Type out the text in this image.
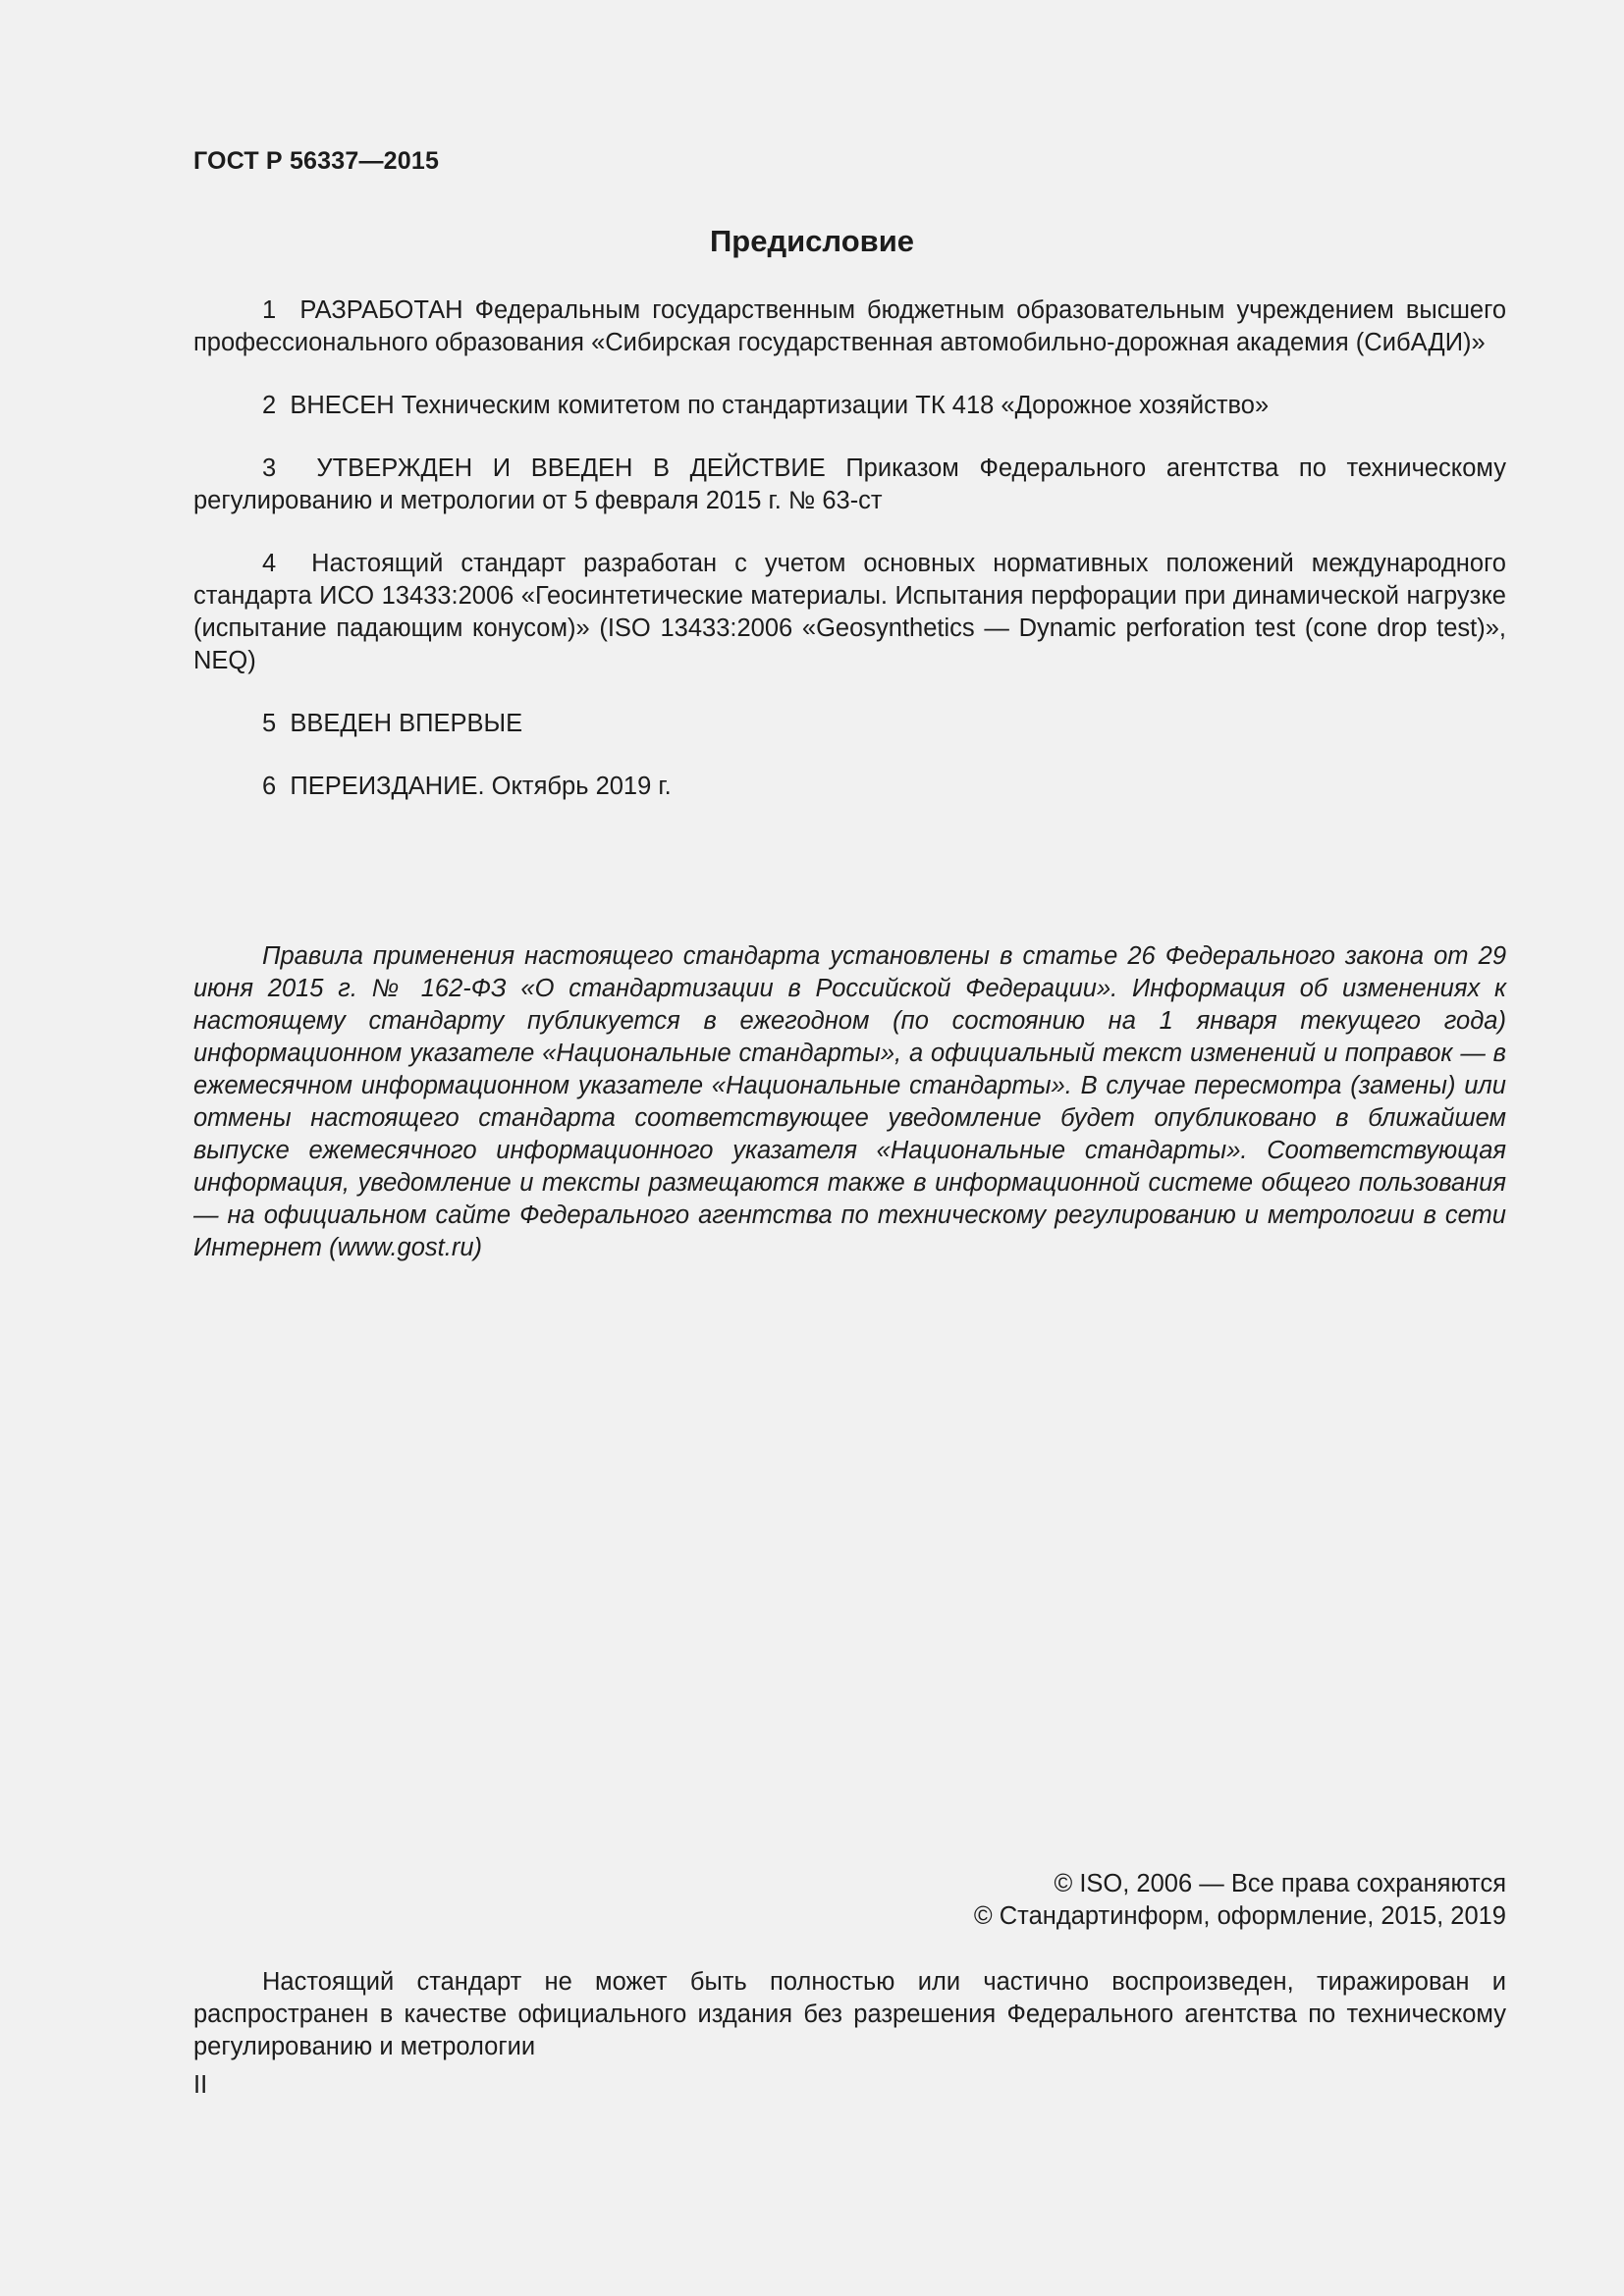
ГОСТ Р 56337—2015
Предисловие

1 РАЗРАБОТАН Федеральным государственным бюджетным образовательным учреждением высшего профессионального образования «Сибирская государственная автомобильно-дорожная академия (СибАДИ)»

2 ВНЕСЕН Техническим комитетом по стандартизации ТК 418 «Дорожное хозяйство»

3 УТВЕРЖДЕН И ВВЕДЕН В ДЕЙСТВИЕ Приказом Федерального агентства по техническому регулированию и метрологии от 5 февраля 2015 г. № 63-ст

4 Настоящий стандарт разработан с учетом основных нормативных положений международного стандарта ИСО 13433:2006 «Геосинтетические материалы. Испытания перфорации при динамической нагрузке (испытание падающим конусом)» (ISO 13433:2006 «Geosynthetics — Dynamic perforation test (cone drop test)», NEQ)

5 ВВЕДЕН ВПЕРВЫЕ

6 ПЕРЕИЗДАНИЕ. Октябрь 2019 г.

Правила применения настоящего стандарта установлены в статье 26 Федерального закона от 29 июня 2015 г. № 162-ФЗ «О стандартизации в Российской Федерации». Информация об изменениях к настоящему стандарту публикуется в ежегодном (по состоянию на 1 января текущего года) информационном указателе «Национальные стандарты», а официальный текст изменений и поправок — в ежемесячном информационном указателе «Национальные стандарты». В случае пересмотра (замены) или отмены настоящего стандарта соответствующее уведомление будет опубликовано в ближайшем выпуске ежемесячного информационного указателя «Национальные стандарты». Соответствующая информация, уведомление и тексты размещаются также в информационной системе общего пользования — на официальном сайте Федерального агентства по техническому регулированию и метрологии в сети Интернет (www.gost.ru)

© ISO, 2006 — Все права сохраняются
© Стандартинформ, оформление, 2015, 2019

Настоящий стандарт не может быть полностью или частично воспроизведен, тиражирован и распространен в качестве официального издания без разрешения Федерального агентства по техническому регулированию и метрологии

II
